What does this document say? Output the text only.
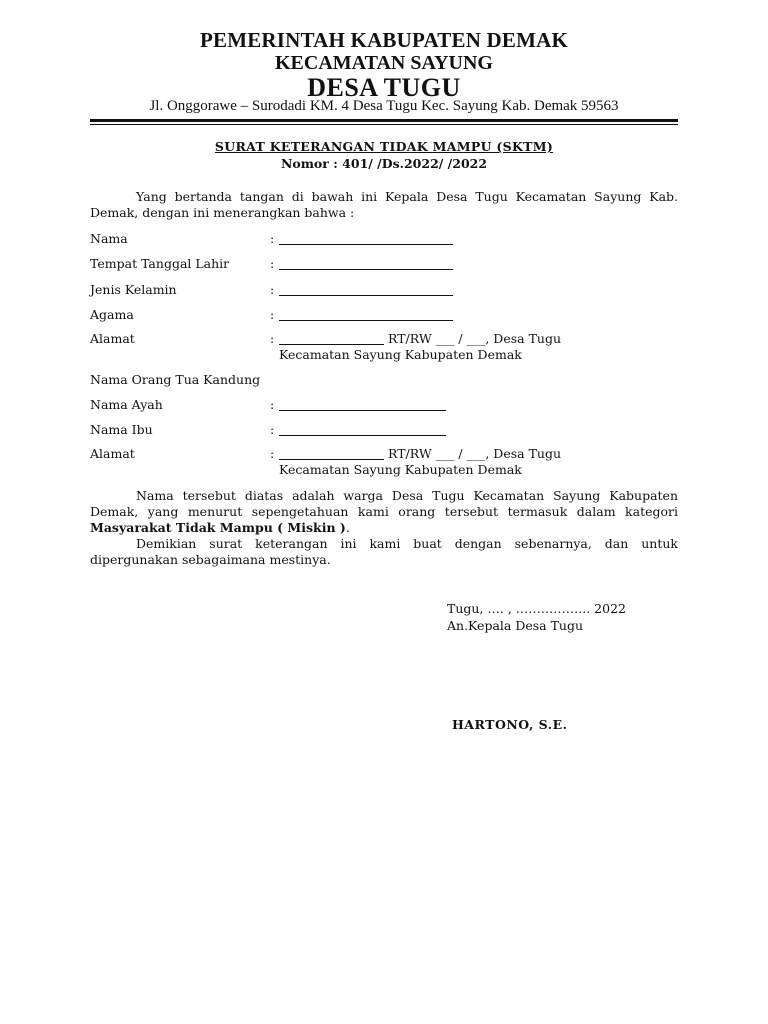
PEMERINTAH KABUPATEN DEMAK
KECAMATAN SAYUNG
DESA TUGU
Jl. Onggorawe – Surodadi KM. 4 Desa Tugu Kec. Sayung Kab. Demak 59563
SURAT KETERANGAN TIDAK MAMPU (SKTM)
Nomor : 401/ /Ds.2022/ /2022
Yang bertanda tangan di bawah ini Kepala Desa Tugu Kecamatan Sayung Kab. Demak, dengan ini menerangkan bahwa :
Nama	:
Tempat Tanggal Lahir	:
Jenis Kelamin	:
Agama	:
Alamat	:	RT/RW ___ / ___, Desa Tugu
Kecamatan Sayung Kabupaten Demak
Nama Orang Tua Kandung
Nama Ayah	:
Nama Ibu	:
Alamat	:	RT/RW ___ / ___, Desa Tugu
Kecamatan Sayung Kabupaten Demak
Nama tersebut diatas adalah warga Desa Tugu Kecamatan Sayung Kabupaten Demak, yang menurut sepengetahuan kami orang tersebut termasuk dalam kategori Masyarakat Tidak Mampu ( Miskin ).
Demikian surat keterangan ini kami buat dengan sebenarnya, dan untuk dipergunakan sebagaimana mestinya.
Tugu, …. , ……………... 2022
An.Kepala Desa Tugu
HARTONO, S.E.
